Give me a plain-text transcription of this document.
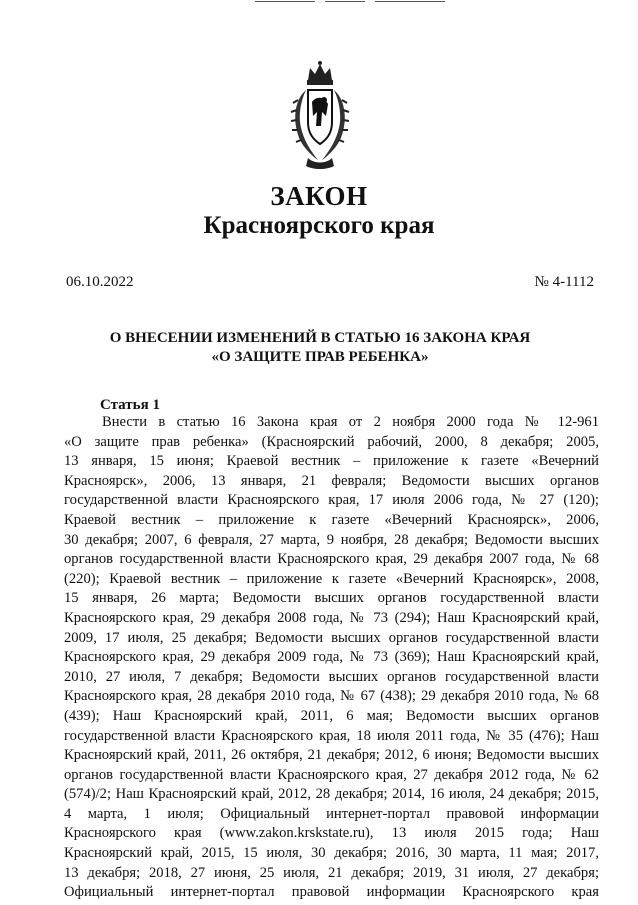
ЗАКОН
Красноярского края
06.10.2022	№ 4-1112
О ВНЕСЕНИИ ИЗМЕНЕНИЙ В СТАТЬЮ 16 ЗАКОНА КРАЯ
«О ЗАЩИТЕ ПРАВ РЕБЕНКА»
Статья 1
Внести в статью 16 Закона края от 2 ноября 2000 года № 12-961
«О защите прав ребенка» (Красноярский рабочий, 2000, 8 декабря; 2005,
13 января, 15 июня; Краевой вестник – приложение к газете «Вечерний
Красноярск», 2006, 13 января, 21 февраля; Ведомости высших органов
государственной власти Красноярского края, 17 июля 2006 года, № 27 (120);
Краевой вестник – приложение к газете «Вечерний Красноярск», 2006,
30 декабря; 2007, 6 февраля, 27 марта, 9 ноября, 28 декабря; Ведомости высших
органов государственной власти Красноярского края, 29 декабря 2007 года, № 68
(220); Краевой вестник – приложение к газете «Вечерний Красноярск», 2008,
15 января, 26 марта; Ведомости высших органов государственной власти
Красноярского края, 29 декабря 2008 года, № 73 (294); Наш Красноярский край,
2009, 17 июля, 25 декабря; Ведомости высших органов государственной власти
Красноярского края, 29 декабря 2009 года, № 73 (369); Наш Красноярский край,
2010, 27 июля, 7 декабря; Ведомости высших органов государственной власти
Красноярского края, 28 декабря 2010 года, № 67 (438); 29 декабря 2010 года, № 68
(439); Наш Красноярский край, 2011, 6 мая; Ведомости высших органов
государственной власти Красноярского края, 18 июля 2011 года, № 35 (476); Наш
Красноярский край, 2011, 26 октября, 21 декабря; 2012, 6 июня; Ведомости высших
органов государственной власти Красноярского края, 27 декабря 2012 года, № 62
(574)/2; Наш Красноярский край, 2012, 28 декабря; 2014, 16 июля, 24 декабря; 2015,
4 марта, 1 июля; Официальный интернет-портал правовой информации
Красноярского края (www.zakon.krskstate.ru), 13 июля 2015 года; Наш
Красноярский край, 2015, 15 июля, 30 декабря; 2016, 30 марта, 11 мая; 2017,
13 декабря; 2018, 27 июня, 25 июля, 21 декабря; 2019, 31 июля, 27 декабря;
Официальный интернет-портал правовой информации Красноярского края
